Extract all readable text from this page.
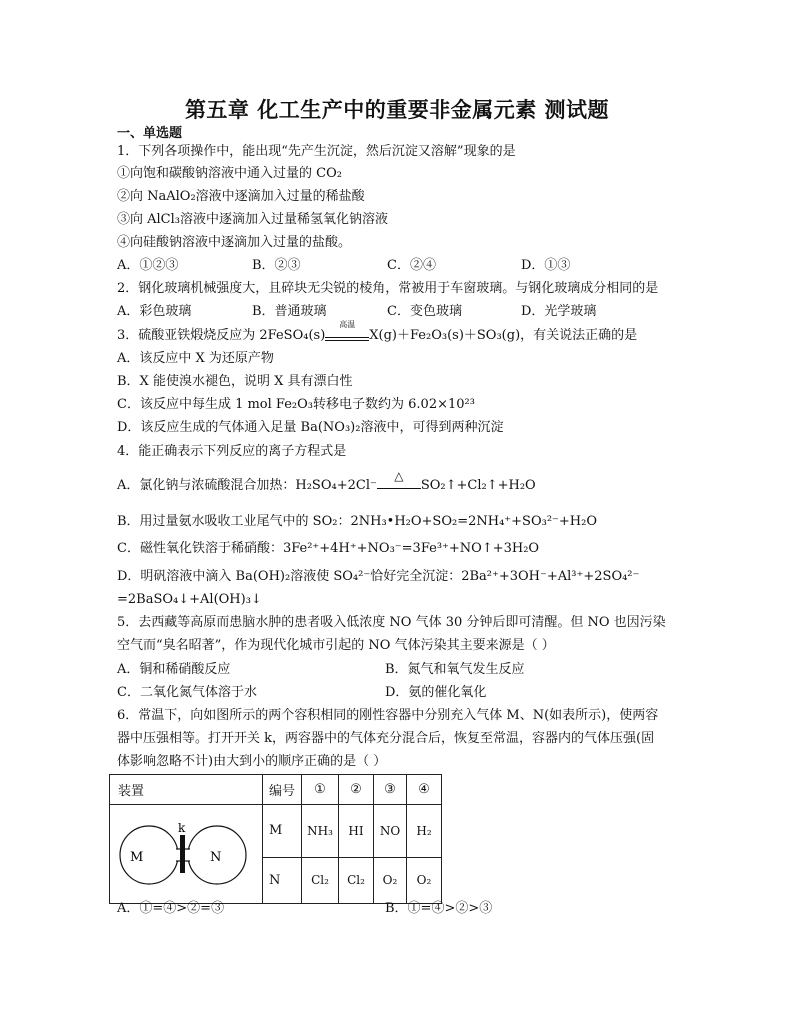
第五章 化工生产中的重要非金属元素 测试题
一、单选题
1．下列各项操作中，能出现“先产生沉淀，然后沉淀又溶解”现象的是
①向饱和碳酸钠溶液中通入过量的 CO₂
②向 NaAlO₂溶液中逐滴加入过量的稀盐酸
③向 AlCl₃溶液中逐滴加入过量稀氢氧化钠溶液
④向硅酸钠溶液中逐滴加入过量的盐酸。
A．①②③	B．②③	C．②④	D．①③
2．钢化玻璃机械强度大，且碎块无尖锐的棱角，常被用于车窗玻璃。与钢化玻璃成分相同的是
A．彩色玻璃	B．普通玻璃	C．变色玻璃	D．光学玻璃
3．硫酸亚铁煅烧反应为 2FeSO₄(s)
高温
X(g)＋Fe₂O₃(s)＋SO₃(g)，有关说法正确的是
A．该反应中 X 为还原产物
B．X 能使溴水褪色，说明 X 具有漂白性
C．该反应中每生成 1 mol Fe₂O₃转移电子数约为 6.02×10²³
D．该反应生成的气体通入足量 Ba(NO₃)₂溶液中，可得到两种沉淀
4．能正确表示下列反应的离子方程式是
A．氯化钠与浓硫酸混合加热：H₂SO₄+2Cl⁻
△
SO₂↑+Cl₂↑+H₂O
B．用过量氨水吸收工业尾气中的 SO₂：2NH₃•H₂O+SO₂=2NH₄⁺+SO₃²⁻+H₂O
C．磁性氧化铁溶于稀硝酸：3Fe²⁺+4H⁺+NO₃⁻=3Fe³⁺+NO↑+3H₂O
D．明矾溶液中滴入 Ba(OH)₂溶液使 SO₄²⁻恰好完全沉淀：2Ba²⁺+3OH⁻+Al³⁺+2SO₄²⁻
=2BaSO₄↓+Al(OH)₃↓
5．去西藏等高原而患脑水肿的患者吸入低浓度 NO 气体 30 分钟后即可清醒。但 NO 也因污染
空气而“臭名昭著”，作为现代化城市引起的 NO 气体污染其主要来源是（ ）
A．铜和稀硝酸反应	B．氮气和氧气发生反应
C．二氧化氮气体溶于水	D．氨的催化氧化
6．常温下，向如图所示的两个容积相同的刚性容器中分别充入气体 M、N(如表所示)，使两容
器中压强相等。打开开关 k，两容器中的气体充分混合后，恢复至常温，容器内的气体压强(固
体影响忽略不计)由大到小的顺序正确的是（ ）
装置	编号	①	②	③	④

M N
k	M	NH₃	HI	NO	H₂
	N	Cl₂	Cl₂	O₂	O₂
A．①=④>②=③	B．①=④>②>③
